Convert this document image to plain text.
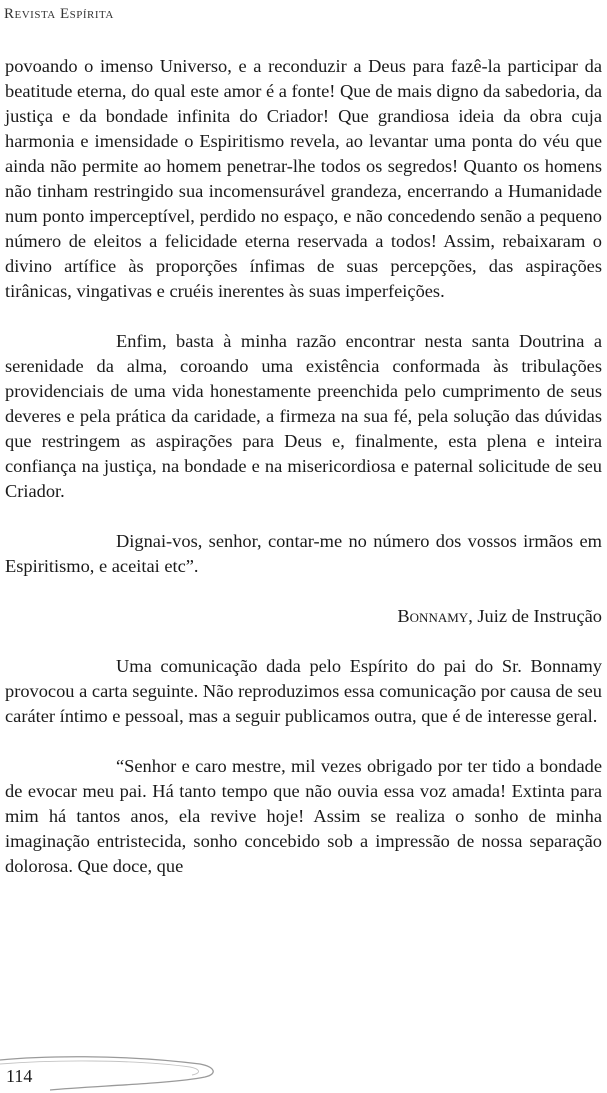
Revista Espírita

povoando o imenso Universo, e a reconduzir a Deus para fazê-la participar da beatitude eterna, do qual este amor é a fonte! Que de mais digno da sabedoria, da justiça e da bondade infinita do Criador! Que grandiosa ideia da obra cuja harmonia e imensidade o Espiritismo revela, ao levantar uma ponta do véu que ainda não permite ao homem penetrar-lhe todos os segredos! Quanto os homens não tinham restringido sua incomensurável grandeza, encerrando a Humanidade num ponto imperceptível, perdido no espaço, e não concedendo senão a pequeno número de eleitos a felicidade eterna reservada a todos! Assim, rebaixaram o divino artífice às proporções ínfimas de suas percepções, das aspirações tirânicas, vingativas e cruéis inerentes às suas imperfeições.

Enfim, basta à minha razão encontrar nesta santa Doutrina a serenidade da alma, coroando uma existência conformada às tribulações providenciais de uma vida honestamente preenchida pelo cumprimento de seus deveres e pela prática da caridade, a firmeza na sua fé, pela solução das dúvidas que restringem as aspirações para Deus e, finalmente, esta plena e inteira confiança na justiça, na bondade e na misericordiosa e paternal solicitude de seu Criador.

Dignai-vos, senhor, contar-me no número dos vossos irmãos em Espiritismo, e aceitai etc”.

Bonnamy, Juiz de Instrução

Uma comunicação dada pelo Espírito do pai do Sr. Bonnamy provocou a carta seguinte. Não reproduzimos essa comunicação por causa de seu caráter íntimo e pessoal, mas a seguir publicamos outra, que é de interesse geral.

“Senhor e caro mestre, mil vezes obrigado por ter tido a bondade de evocar meu pai. Há tanto tempo que não ouvia essa voz amada! Extinta para mim há tantos anos, ela revive hoje! Assim se realiza o sonho de minha imaginação entristecida, sonho concebido sob a impressão de nossa separação dolorosa. Que doce, que

114
